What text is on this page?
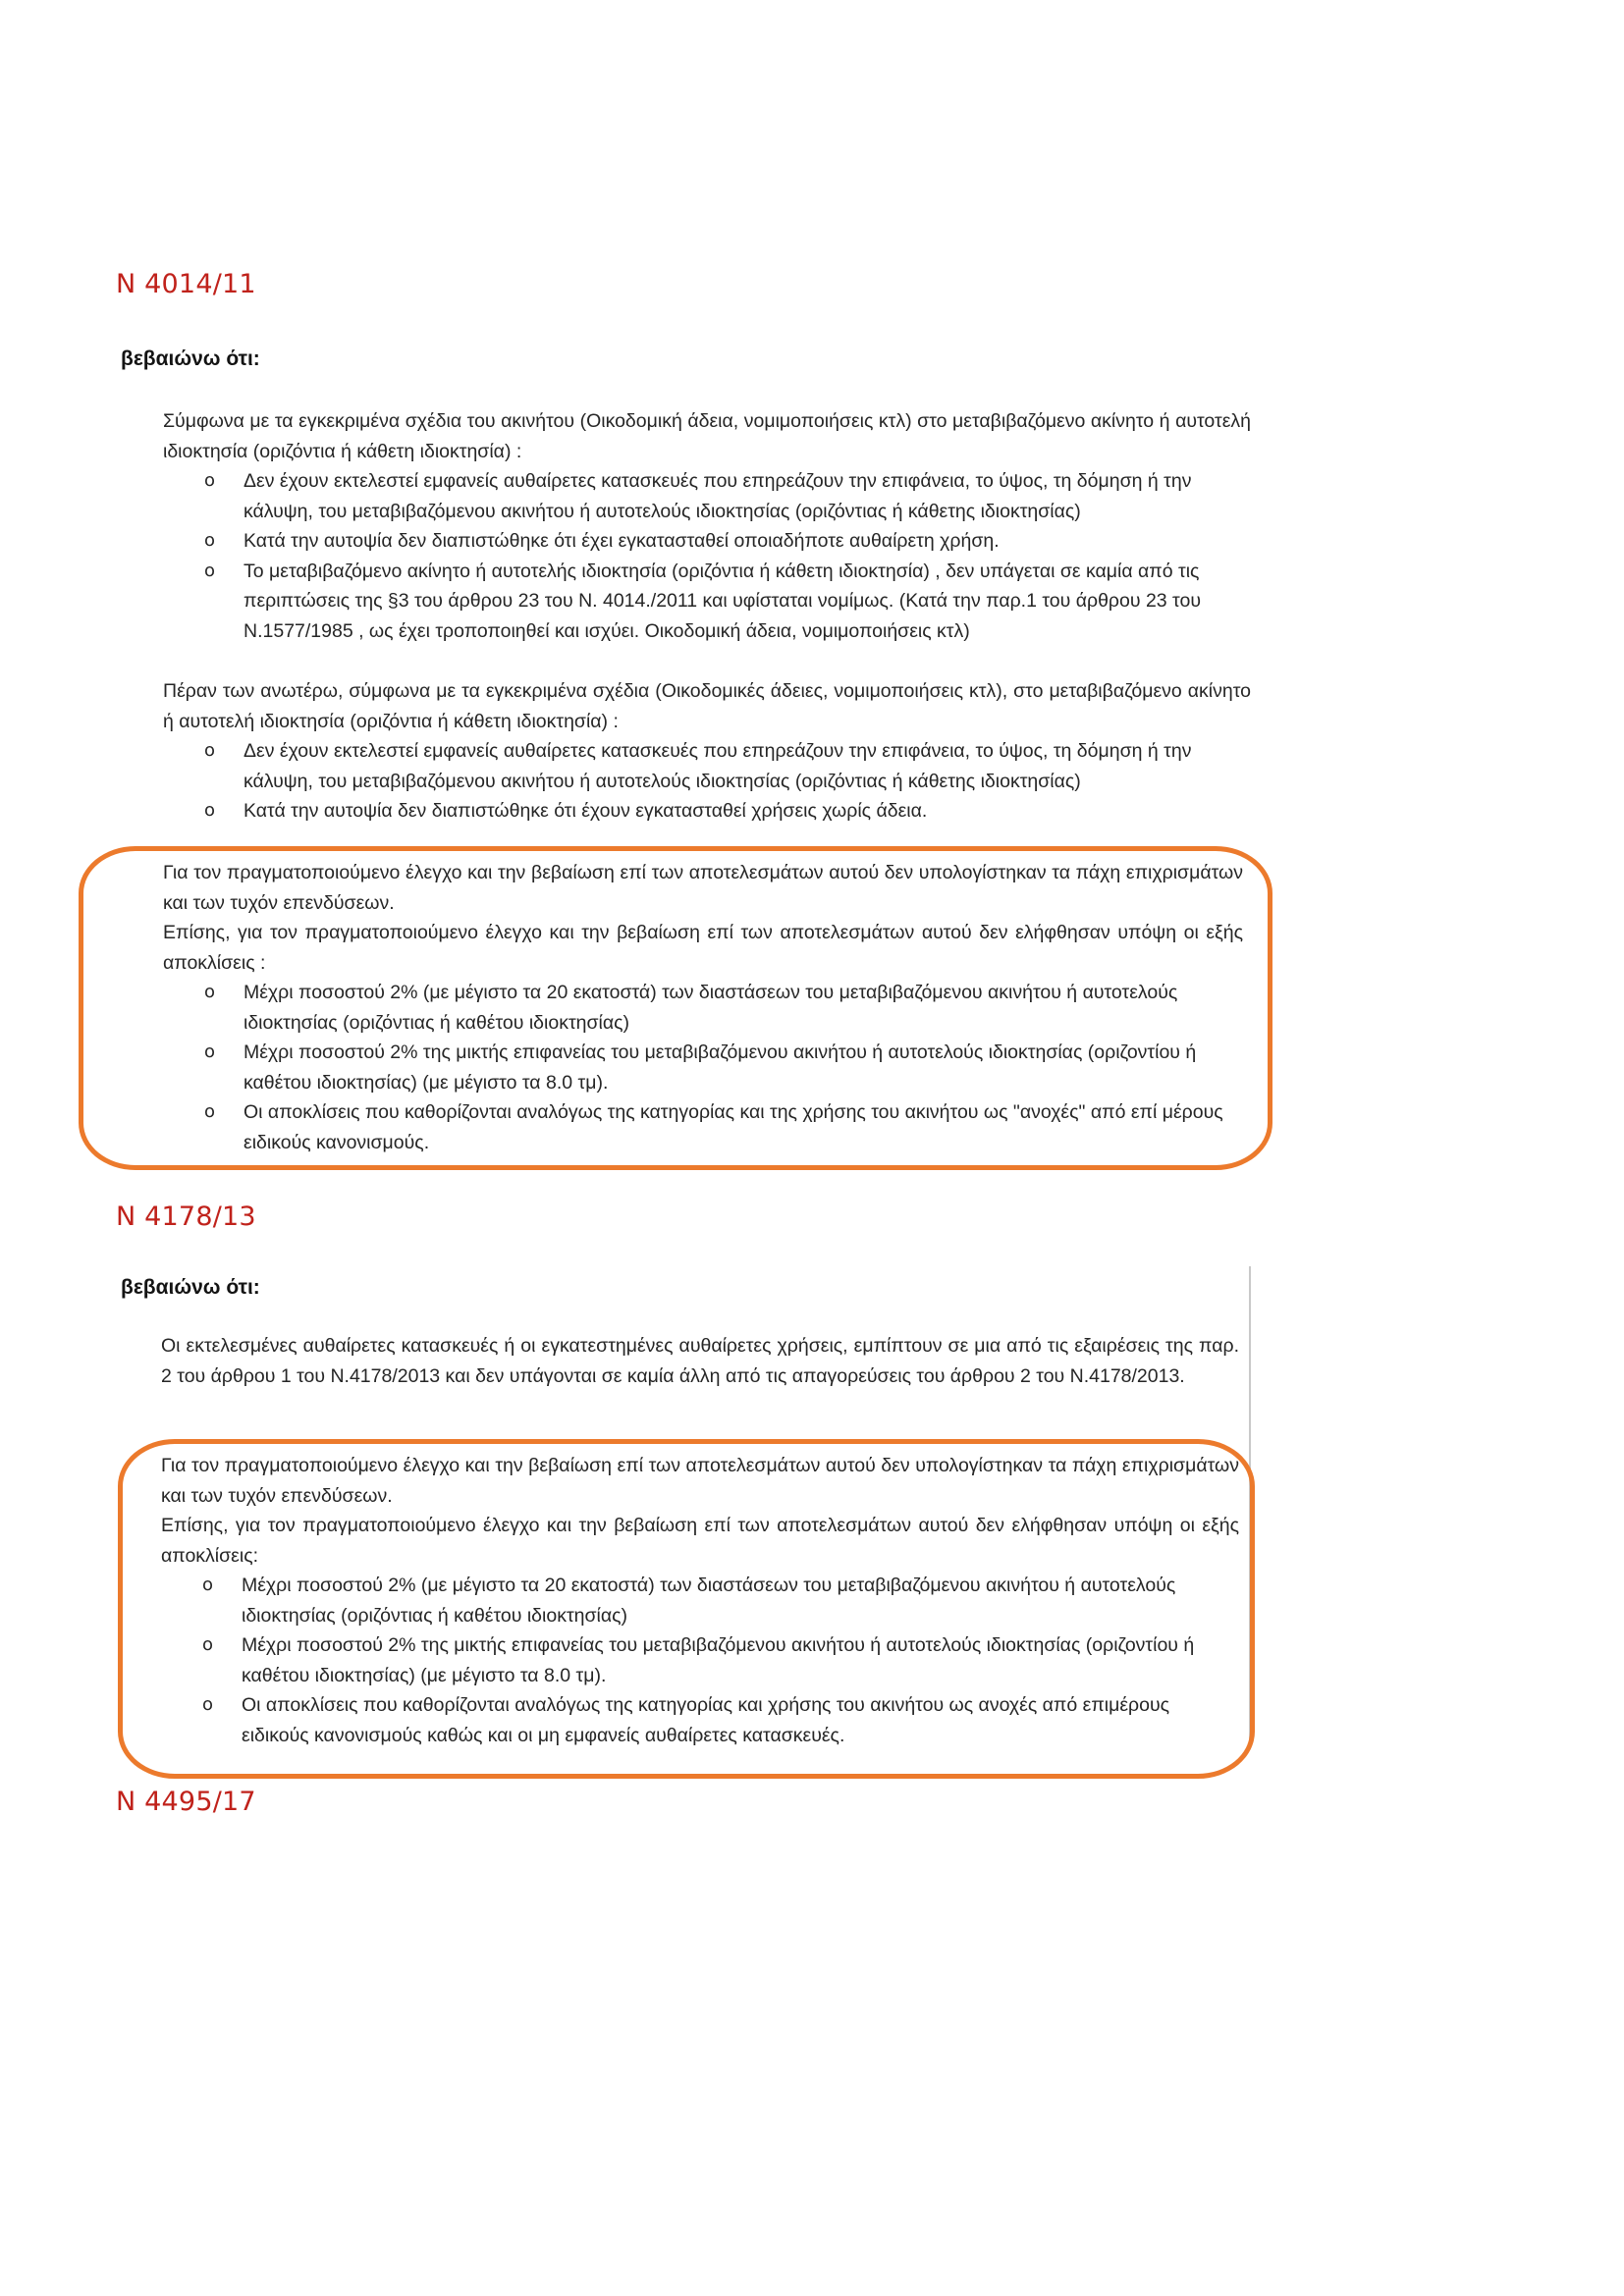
Ν 4014/11
βεβαιώνω ότι:
Σύμφωνα με τα εγκεκριμένα σχέδια του ακινήτου (Οικοδομική άδεια, νομιμοποιήσεις κτλ) στο μεταβιβαζόμενο ακίνητο ή αυτοτελή ιδιοκτησία (οριζόντια ή κάθετη ιδιοκτησία) :
o Δεν έχουν εκτελεστεί εμφανείς αυθαίρετες κατασκευές που επηρεάζουν την επιφάνεια, το ύψος, τη δόμηση ή την κάλυψη, του μεταβιβαζόμενου ακινήτου ή αυτοτελούς ιδιοκτησίας (οριζόντιας ή κάθετης ιδιοκτησίας)
o Κατά την αυτοψία δεν διαπιστώθηκε ότι έχει εγκατασταθεί οποιαδήποτε αυθαίρετη χρήση.
o Το μεταβιβαζόμενο ακίνητο ή αυτοτελής ιδιοκτησία (οριζόντια ή κάθετη ιδιοκτησία) , δεν υπάγεται σε καμία από τις περιπτώσεις της §3 του άρθρου 23 του Ν. 4014./2011 και υφίσταται νομίμως. (Κατά την παρ.1 του άρθρου 23 του Ν.1577/1985 , ως έχει τροποποιηθεί και ισχύει. Οικοδομική άδεια, νομιμοποιήσεις κτλ)
Πέραν των ανωτέρω, σύμφωνα με τα εγκεκριμένα σχέδια (Οικοδομικές άδειες, νομιμοποιήσεις κτλ), στο μεταβιβαζόμενο ακίνητο ή αυτοτελή ιδιοκτησία (οριζόντια ή κάθετη ιδιοκτησία) :
o Δεν έχουν εκτελεστεί εμφανείς αυθαίρετες κατασκευές που επηρεάζουν την επιφάνεια, το ύψος, τη δόμηση ή την κάλυψη, του μεταβιβαζόμενου ακινήτου ή αυτοτελούς ιδιοκτησίας (οριζόντιας ή κάθετης ιδιοκτησίας)
o Κατά την αυτοψία δεν διαπιστώθηκε ότι έχουν εγκατασταθεί χρήσεις χωρίς άδεια.
Για τον πραγματοποιούμενο έλεγχο και την βεβαίωση επί των αποτελεσμάτων αυτού δεν υπολογίστηκαν τα πάχη επιχρισμάτων και των τυχόν επενδύσεων.
Επίσης, για τον πραγματοποιούμενο έλεγχο και την βεβαίωση επί των αποτελεσμάτων αυτού δεν ελήφθησαν υπόψη οι εξής αποκλίσεις :
o Μέχρι ποσοστού 2% (με μέγιστο τα 20 εκατοστά) των διαστάσεων του μεταβιβαζόμενου ακινήτου ή αυτοτελούς ιδιοκτησίας (οριζόντιας ή καθέτου ιδιοκτησίας)
o Μέχρι ποσοστού 2% της μικτής επιφανείας του μεταβιβαζόμενου ακινήτου ή αυτοτελούς ιδιοκτησίας (οριζοντίου ή καθέτου ιδιοκτησίας) (με μέγιστο τα 8.0 τμ).
o Οι αποκλίσεις που καθορίζονται αναλόγως της κατηγορίας και της χρήσης του ακινήτου ως "ανοχές" από επί μέρους ειδικούς κανονισμούς.
Ν 4178/13
βεβαιώνω ότι:
Οι εκτελεσμένες αυθαίρετες κατασκευές ή οι εγκατεστημένες αυθαίρετες χρήσεις, εμπίπτουν σε μια από τις εξαιρέσεις της παρ. 2 του άρθρου 1 του Ν.4178/2013 και δεν υπάγονται σε καμία άλλη από τις απαγορεύσεις του άρθρου 2 του Ν.4178/2013.
Για τον πραγματοποιούμενο έλεγχο και την βεβαίωση επί των αποτελεσμάτων αυτού δεν υπολογίστηκαν τα πάχη επιχρισμάτων και των τυχόν επενδύσεων.
Επίσης, για τον πραγματοποιούμενο έλεγχο και την βεβαίωση επί των αποτελεσμάτων αυτού δεν ελήφθησαν υπόψη οι εξής αποκλίσεις:
o Μέχρι ποσοστού 2% (με μέγιστο τα 20 εκατοστά) των διαστάσεων του μεταβιβαζόμενου ακινήτου ή αυτοτελούς ιδιοκτησίας (οριζόντιας ή καθέτου ιδιοκτησίας)
o Μέχρι ποσοστού 2% της μικτής επιφανείας του μεταβιβαζόμενου ακινήτου ή αυτοτελούς ιδιοκτησίας (οριζοντίου ή καθέτου ιδιοκτησίας) (με μέγιστο τα 8.0 τμ).
o Οι αποκλίσεις που καθορίζονται αναλόγως της κατηγορίας και χρήσης του ακινήτου ως ανοχές από επιμέρους ειδικούς κανονισμούς καθώς και οι μη εμφανείς αυθαίρετες κατασκευές.
Ν 4495/17
